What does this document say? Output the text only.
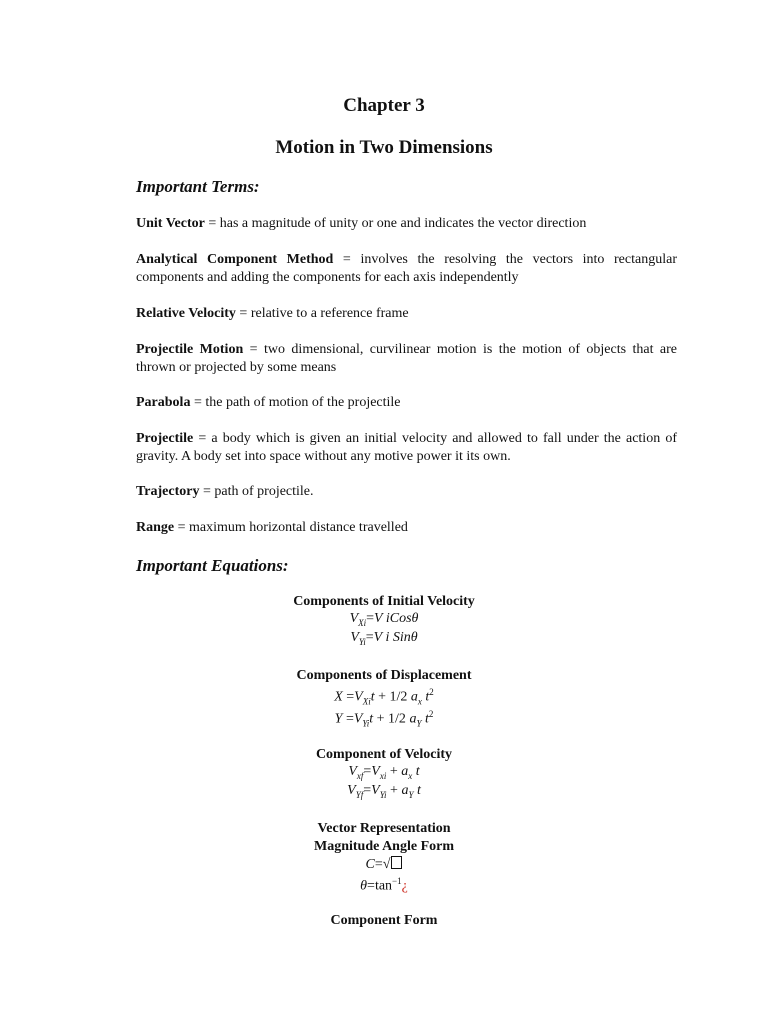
Chapter 3
Motion in Two Dimensions
Important Terms:
Unit Vector = has a magnitude of unity or one and indicates the vector direction
Analytical Component Method = involves the resolving the vectors into rectangular components and adding the components for each axis independently
Relative Velocity = relative to a reference frame
Projectile Motion = two dimensional, curvilinear motion is the motion of objects that are thrown or projected by some means
Parabola = the path of motion of the projectile
Projectile = a body which is given an initial velocity and allowed to fall under the action of gravity. A body set into space without any motive power it its own.
Trajectory = path of projectile.
Range = maximum horizontal distance travelled
Important Equations:
Components of Initial Velocity
$V_{Xi}=V$ iCosθ
$V_{Yi}=V$ i Sinθ
Components of Displacement
$X =V_{Xi}t + 1/2$ $a_x$ $t^2$
$Y =V_{Yi}t + 1/2$ $a_Y$ $t^2$
Component of Velocity
$V_{xf}=V_{xi} + a_x$ t
$V_{Yf}=V_{Yi} + a_Y$ t
Vector Representation
Magnitude Angle Form
C=√
$\theta=\tan^{-1}¿$
Component Form
